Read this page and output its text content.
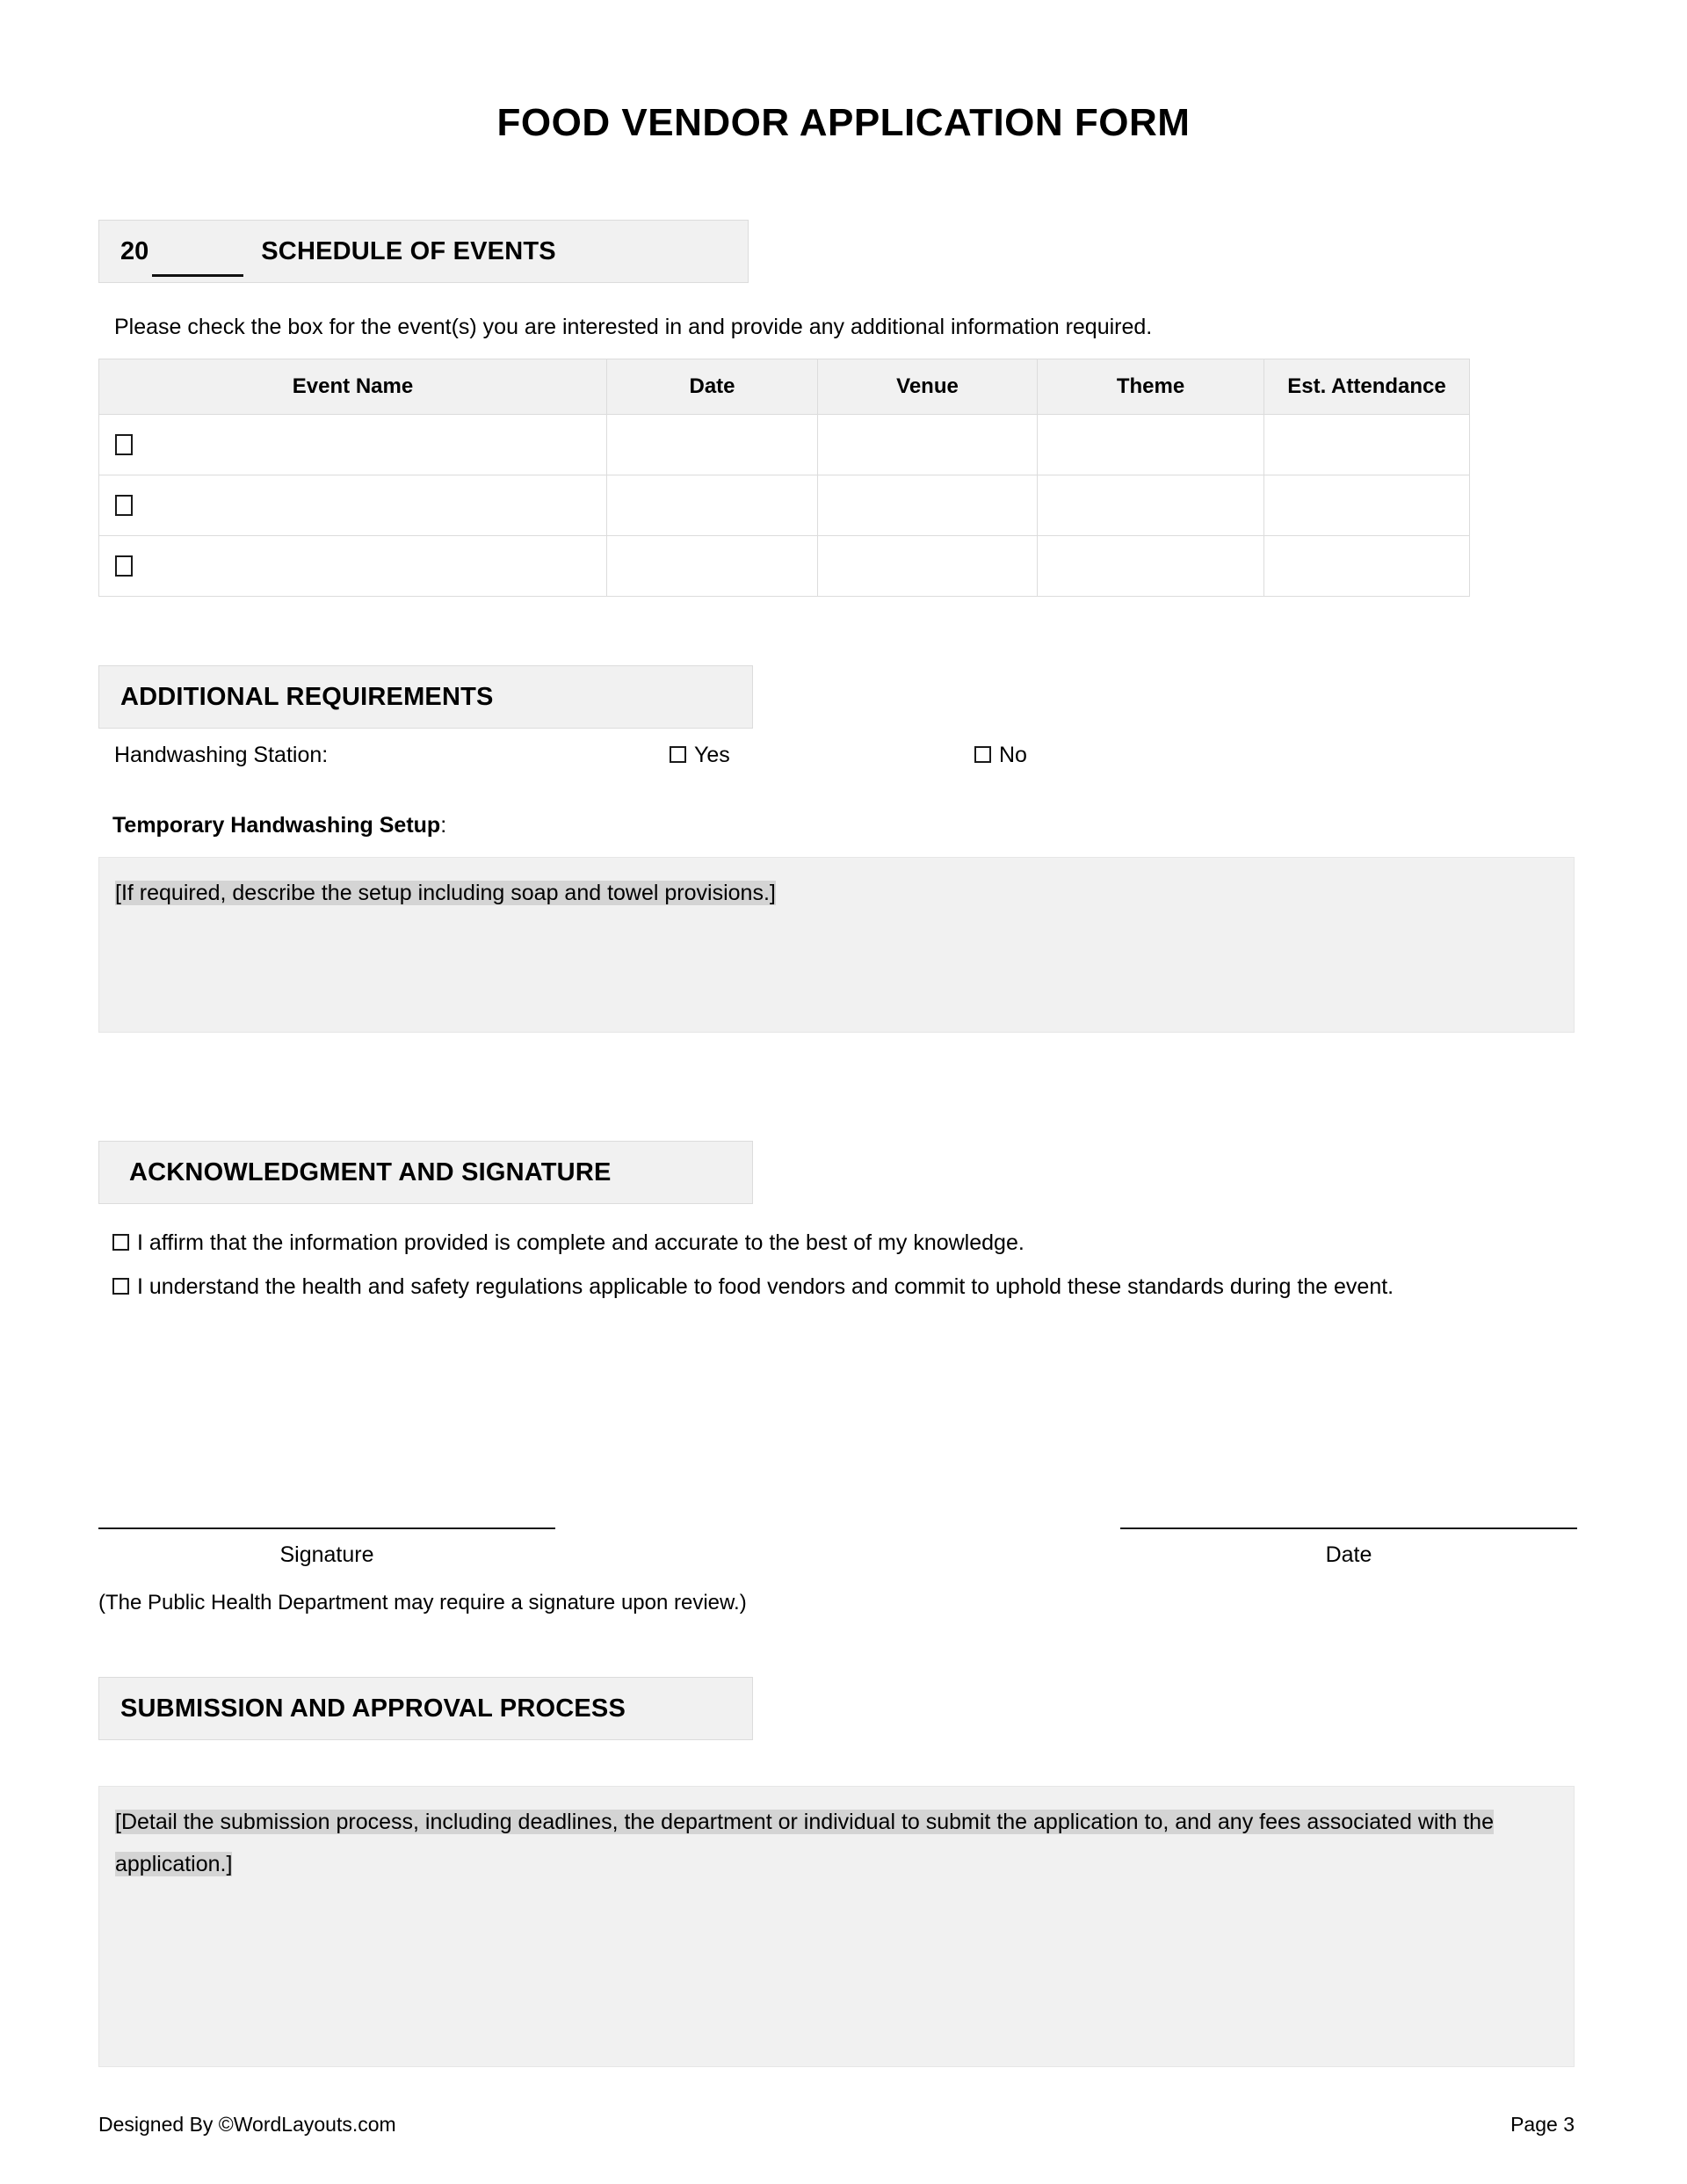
FOOD VENDOR APPLICATION FORM
20	SCHEDULE OF EVENTS
Please check the box for the event(s) you are interested in and provide any additional information required.
Event Name	Date	Venue	Theme	Est. Attendance

ADDITIONAL REQUIREMENTS
Handwashing Station:	Yes	No
Temporary Handwashing Setup:
[If required, describe the setup including soap and towel provisions.]
ACKNOWLEDGMENT AND SIGNATURE
I affirm that the information provided is complete and accurate to the best of my knowledge.
I understand the health and safety regulations applicable to food vendors and commit to uphold these standards during the event.
Signature	Date
(The Public Health Department may require a signature upon review.)
SUBMISSION AND APPROVAL PROCESS
[Detail the submission process, including deadlines, the department or individual to submit the application to, and any fees associated with the application.]
Designed By ©WordLayouts.com	Page 3
